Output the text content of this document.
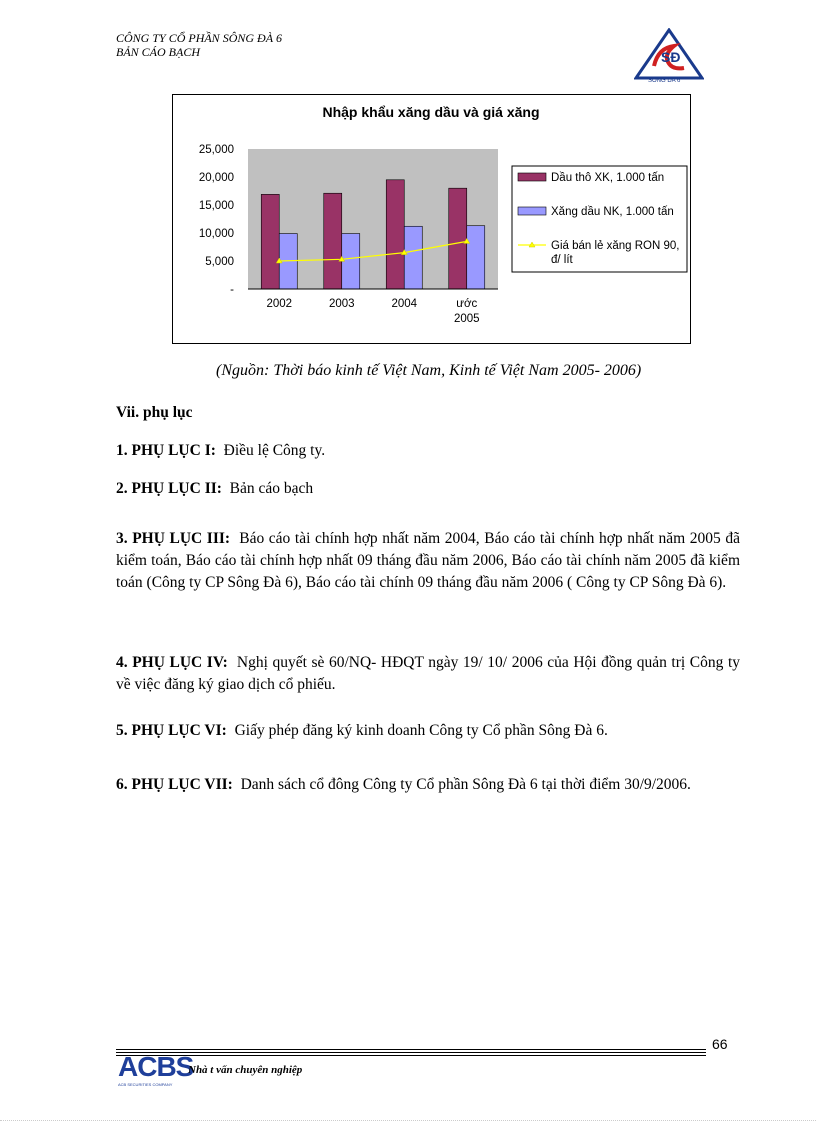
CÔNG TY CỔ PHẦN SÔNG ĐÀ 6
BẢN CÁO BẠCH	SĐ
SONG DA 6
Nhập khẩu xăng dầu và giá xăng
25,000
20,000
15,000
10,000
5,000
-
2002	2003	2004	ước
2005
Dầu thô XK, 1.000 tấn
Xăng dầu NK, 1.000 tấn
Giá bán lẻ xăng RON 90,
đ/ lít
(Nguồn: Thời báo kinh tế Việt Nam, Kinh tế Việt Nam 2005- 2006)
Vii. phụ lục
1. PHỤ LỤC I: Điều lệ Công ty.
2. PHỤ LỤC II: Bản cáo bạch
3. PHỤ LỤC III: Báo cáo tài chính hợp nhất năm 2004, Báo cáo tài chính hợp nhất năm 2005 đã kiểm toán, Báo cáo tài chính hợp nhất 09 tháng đầu năm 2006, Báo cáo tài chính năm 2005 đã kiểm toán (Công ty CP Sông Đà 6), Báo cáo tài chính 09 tháng đầu năm 2006 ( Công ty CP Sông Đà 6).
4. PHỤ LỤC IV: Nghị quyết sè 60/NQ- HĐQT ngày 19/ 10/ 2006 của Hội đồng quản trị Công ty về việc đăng ký giao dịch cổ phiếu.
5. PHỤ LỤC VI: Giấy phép đăng ký kinh doanh Công ty Cổ phần Sông Đà 6.
6. PHỤ LỤC VII: Danh sách cổ đông Công ty Cổ phần Sông Đà 6 tại thời điểm 30/9/2006.
66
ACBS
ACB SECURITIES COMPANY
Nhà t vấn chuyên nghiệp
